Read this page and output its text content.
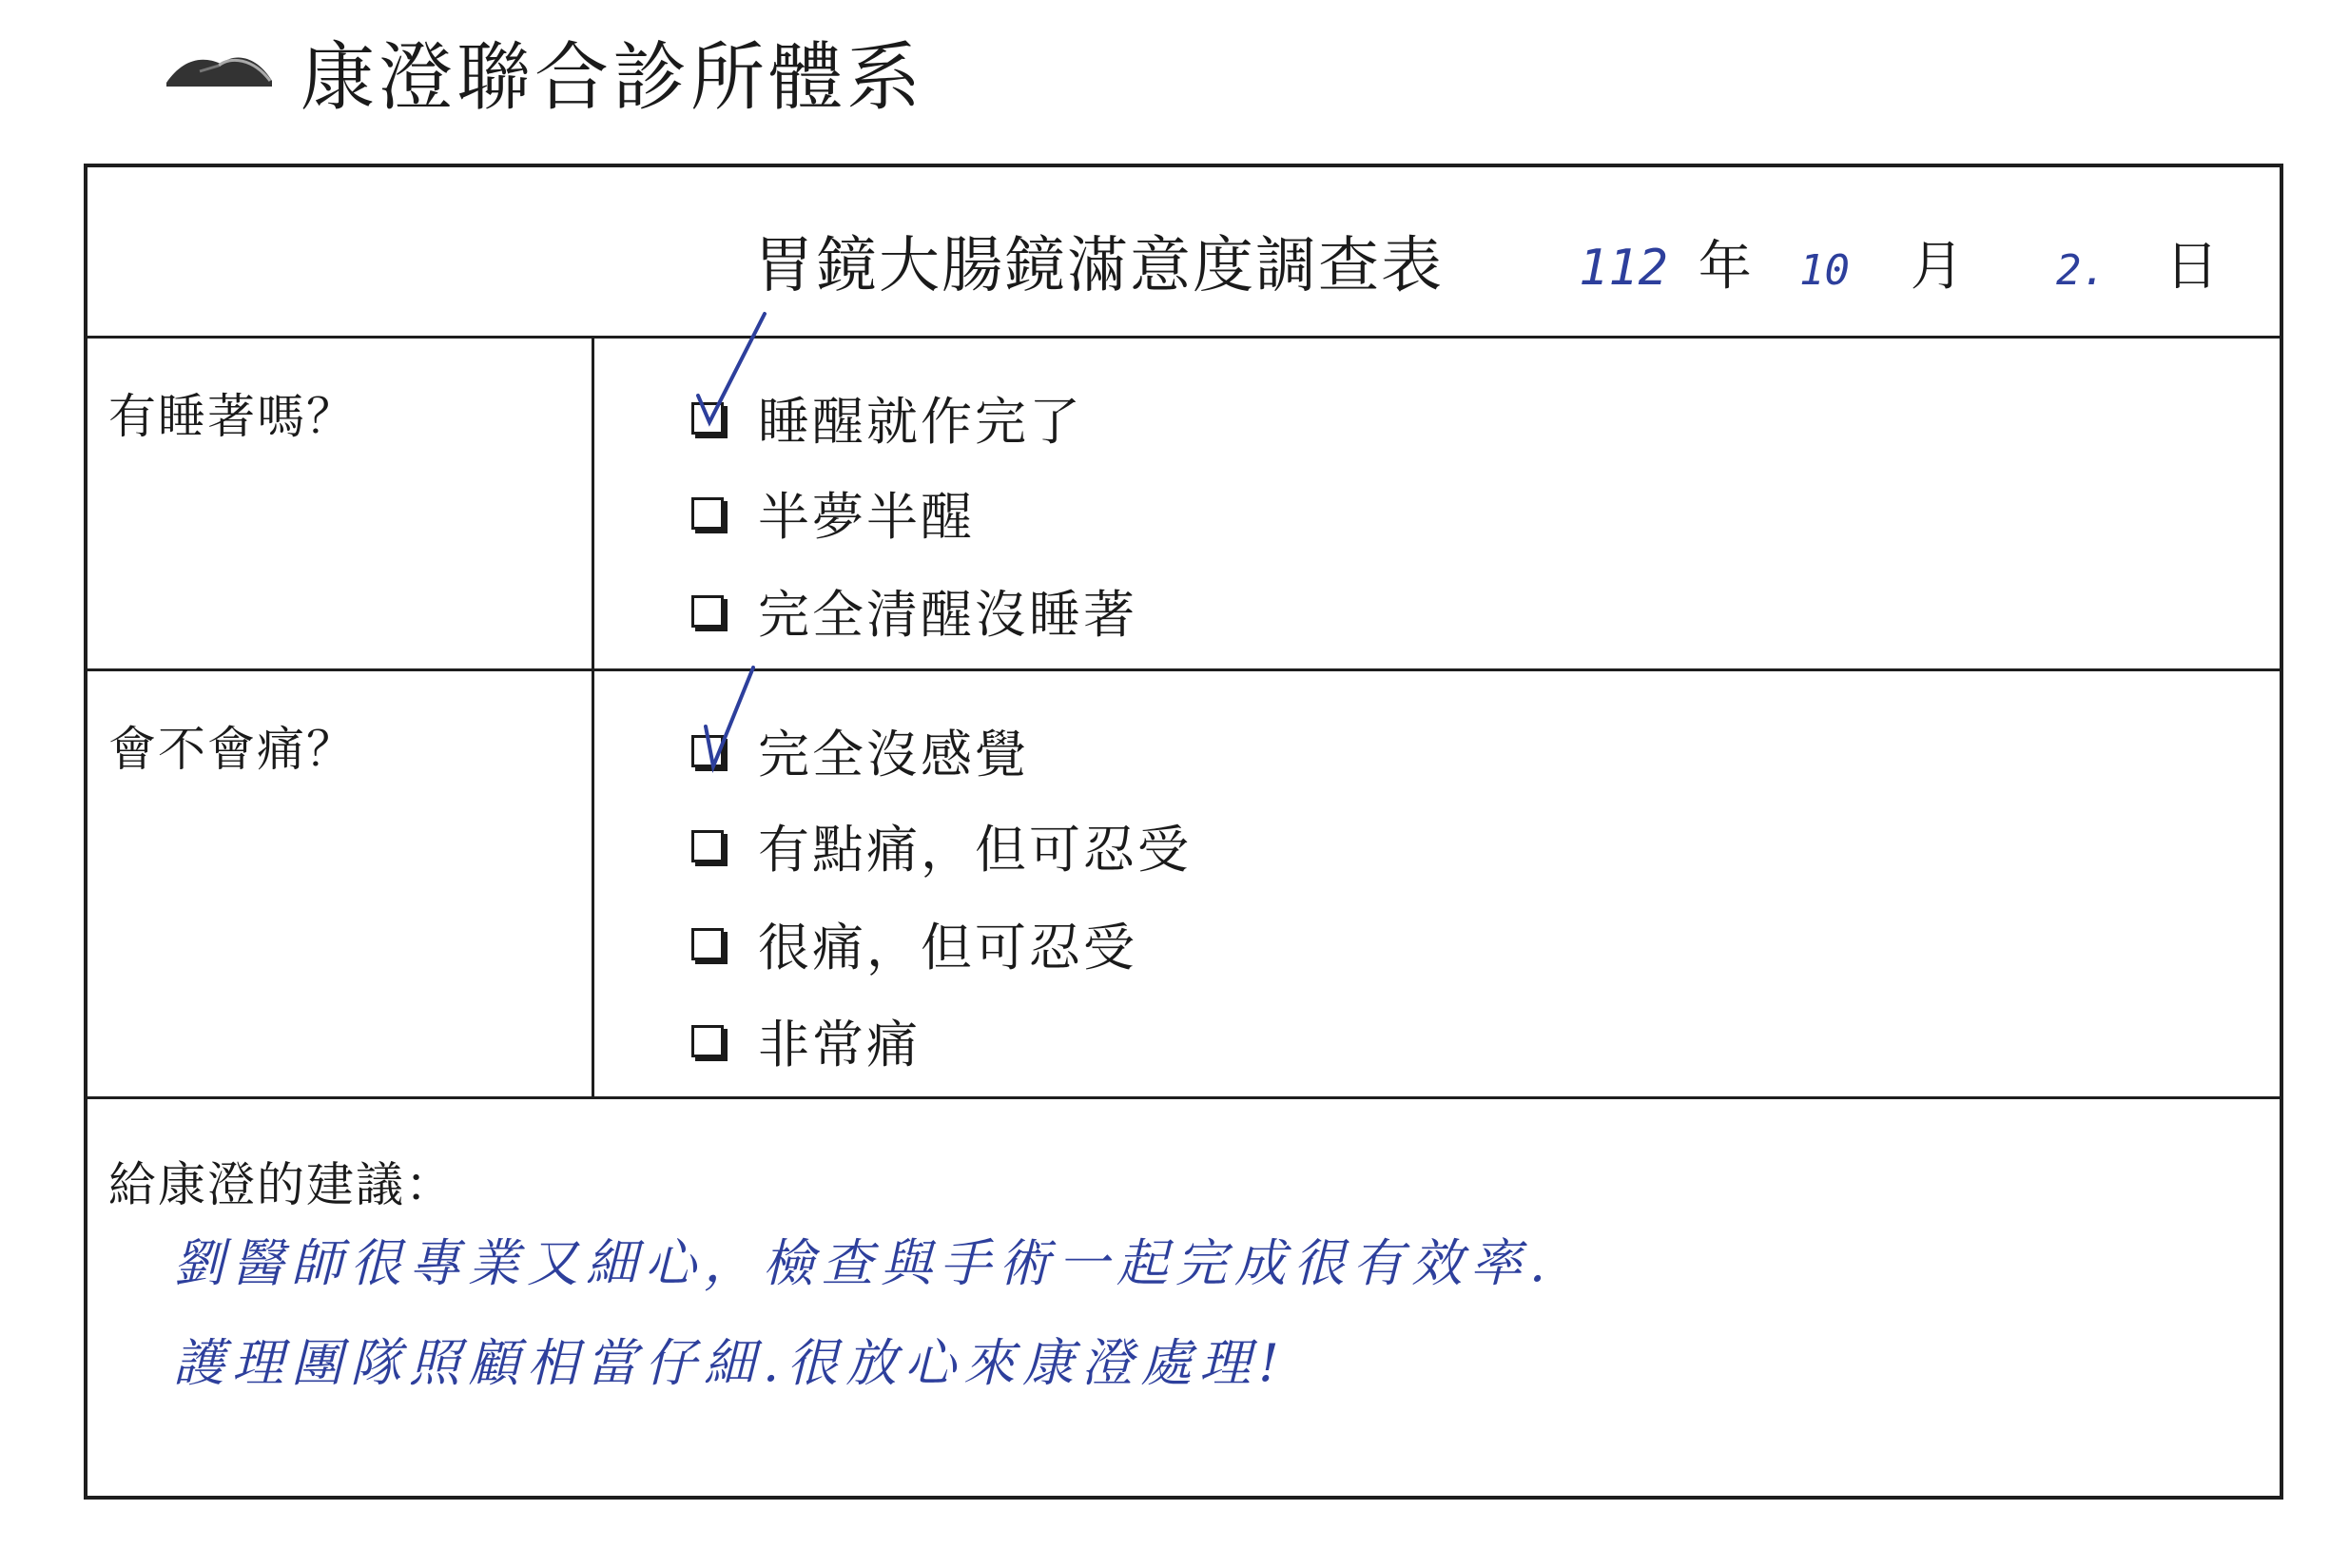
康澄聯合診所體系
胃鏡大腸鏡滿意度調查表	112 年 10 月 2. 日
有睡著嗎？	睡醒就作完了
半夢半醒
完全清醒沒睡著
會不會痛？	完全沒感覺
有點痛，但可忍受
很痛，但可忍受
非常痛
給康澄的建議：
劉醫師很專業又細心，檢查與手術一起完成很有效率.
護理團隊照顧相當仔細.很放心來康澄處理!
